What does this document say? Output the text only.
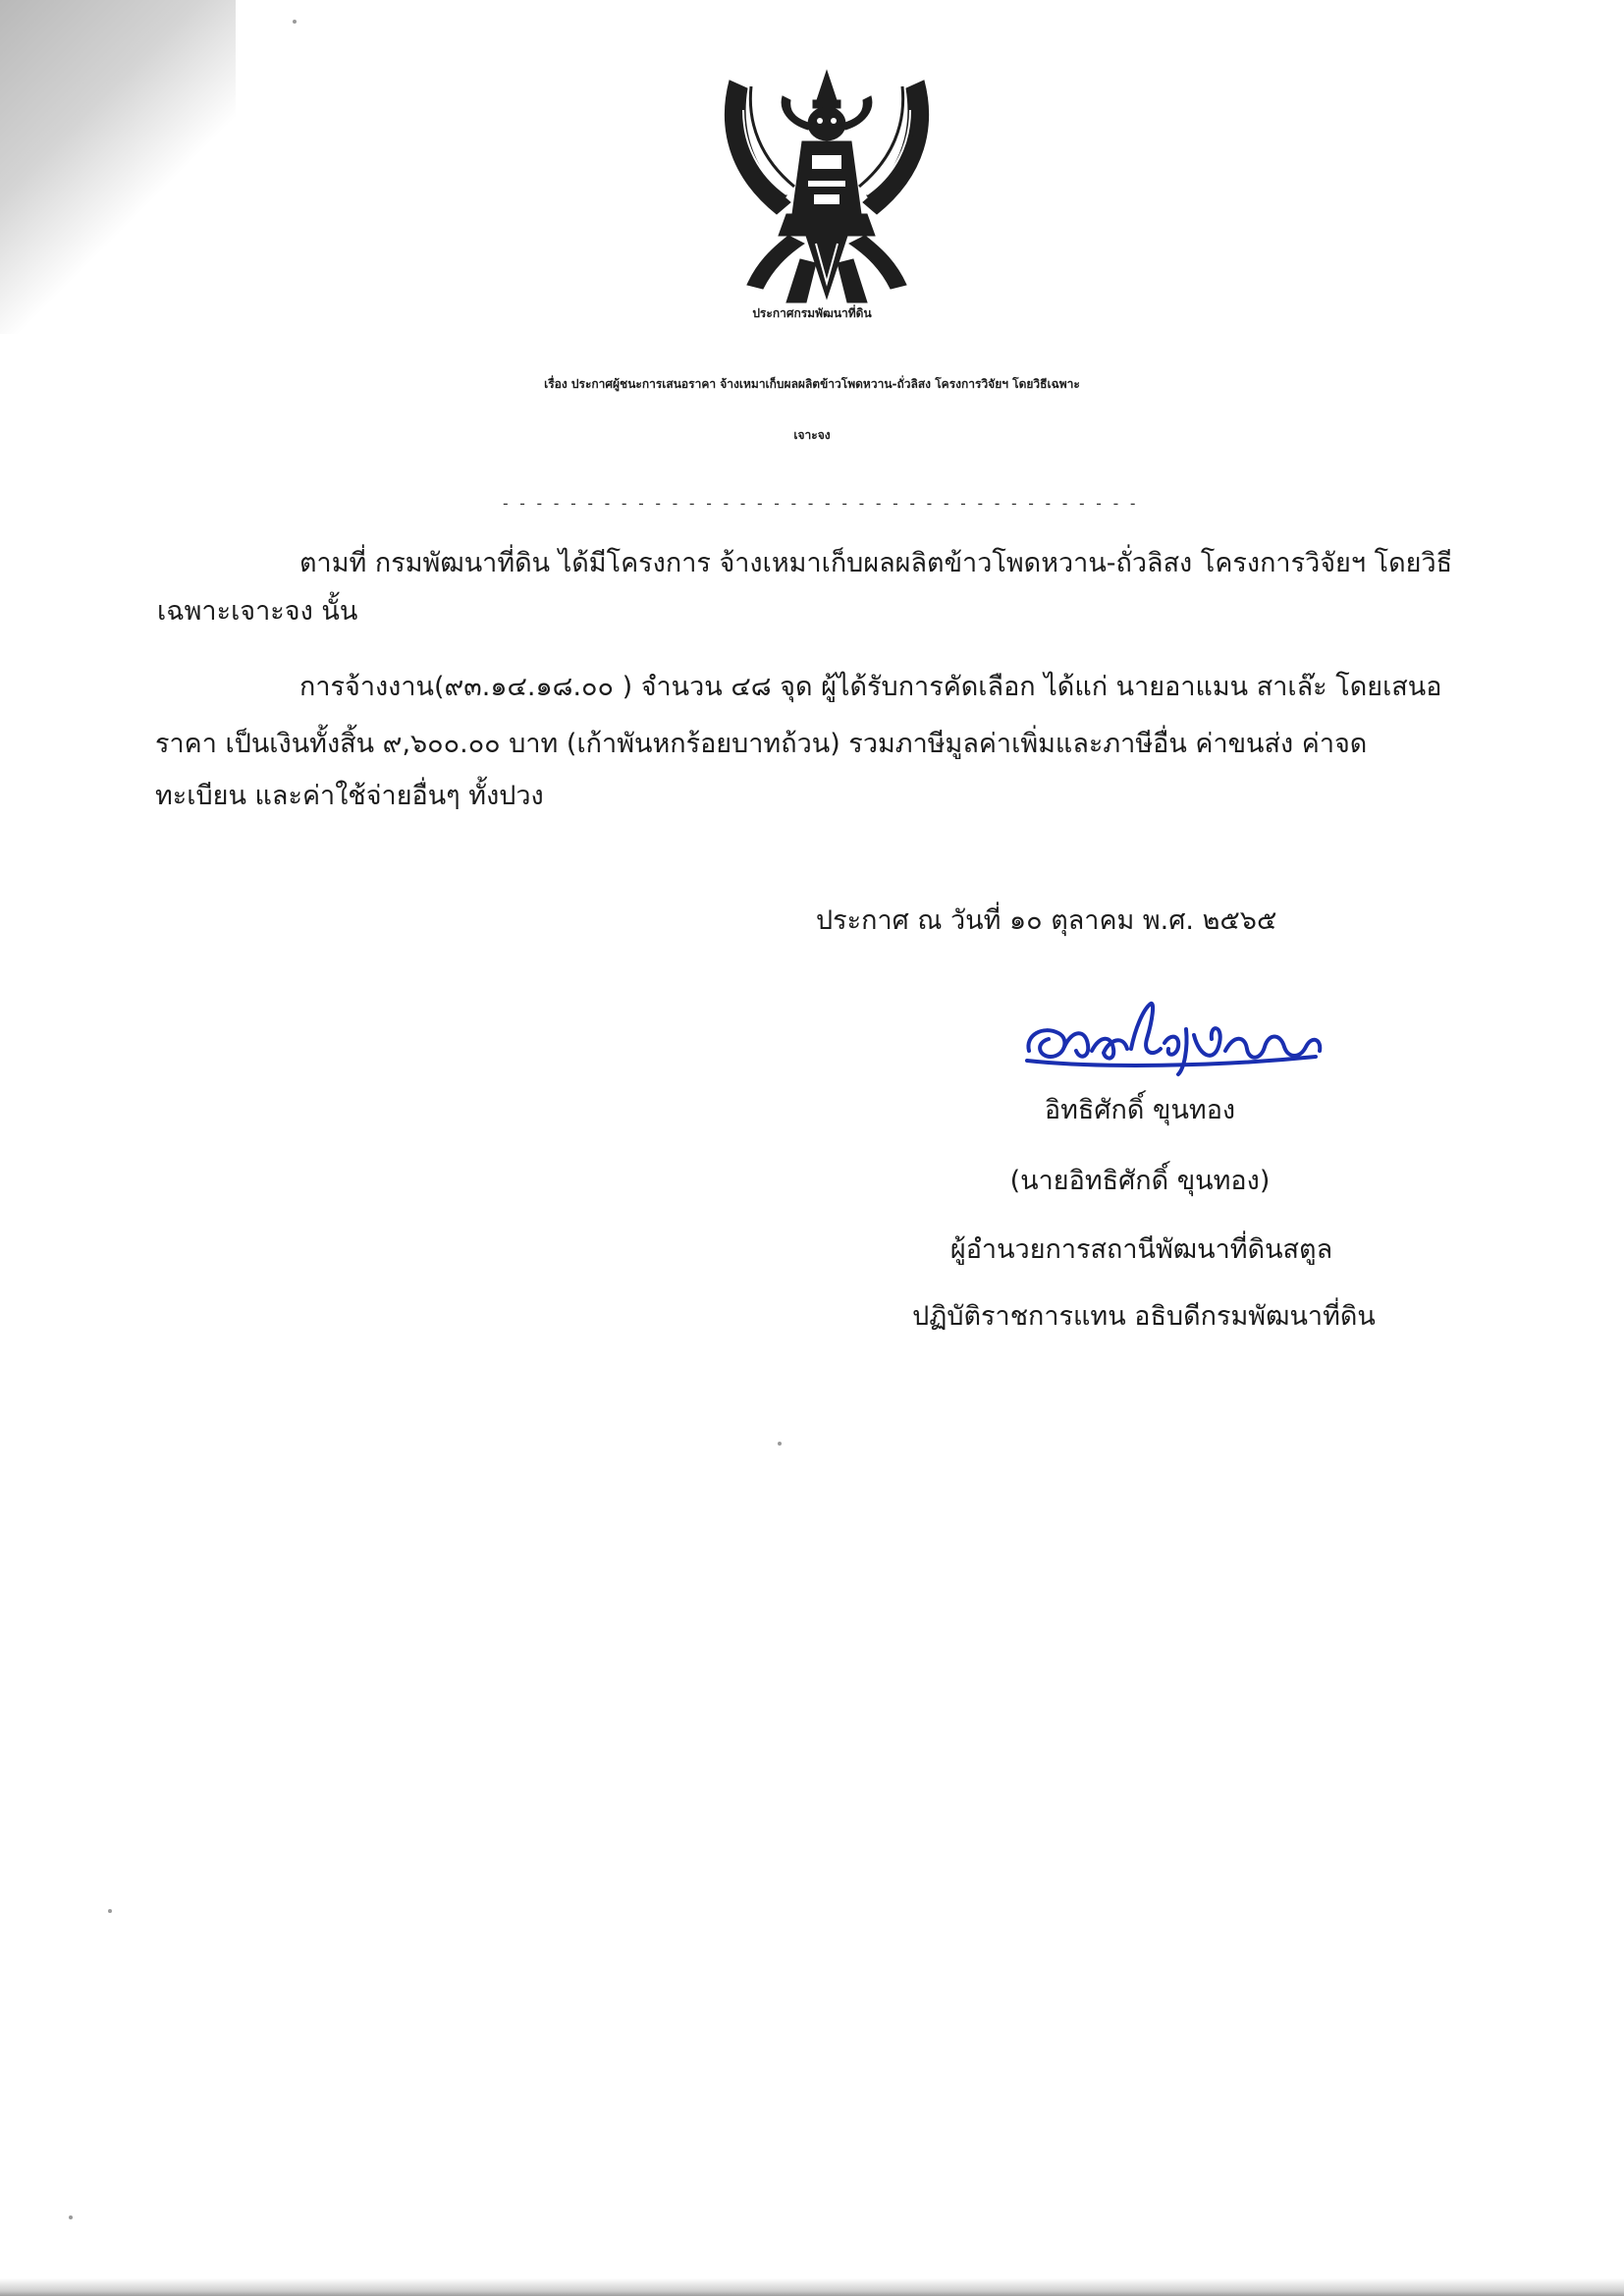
ประกาศกรมพัฒนาที่ดิน
เรื่อง ประกาศผู้ชนะการเสนอราคา จ้างเหมาเก็บผลผลิตข้าวโพดหวาน-ถั่วลิสง โครงการวิจัยฯ โดยวิธีเฉพาะ
เจาะจง
- - -
ตามที่ กรมพัฒนาที่ดิน ได้มีโครงการ จ้างเหมาเก็บผลผลิตข้าวโพดหวาน-ถั่วลิสง โครงการวิจัยฯ โดยวิธี
เฉพาะเจาะจง นั้น
การจ้างงาน(๙๓.๑๔.๑๘.๐๐ ) จำนวน ๔๘ จุด ผู้ได้รับการคัดเลือก ได้แก่ นายอาแมน สาเล๊ะ โดยเสนอ
ราคา เป็นเงินทั้งสิ้น ๙,๖๐๐.๐๐ บาท (เก้าพันหกร้อยบาทถ้วน) รวมภาษีมูลค่าเพิ่มและภาษีอื่น ค่าขนส่ง ค่าจด
ทะเบียน และค่าใช้จ่ายอื่นๆ ทั้งปวง
ประกาศ ณ วันที่ ๑๐ ตุลาคม พ.ศ. ๒๕๖๕
อิทธิศักดิ์ ขุนทอง
(นายอิทธิศักดิ์ ขุนทอง)
ผู้อำนวยการสถานีพัฒนาที่ดินสตูล
ปฏิบัติราชการแทน อธิบดีกรมพัฒนาที่ดิน
